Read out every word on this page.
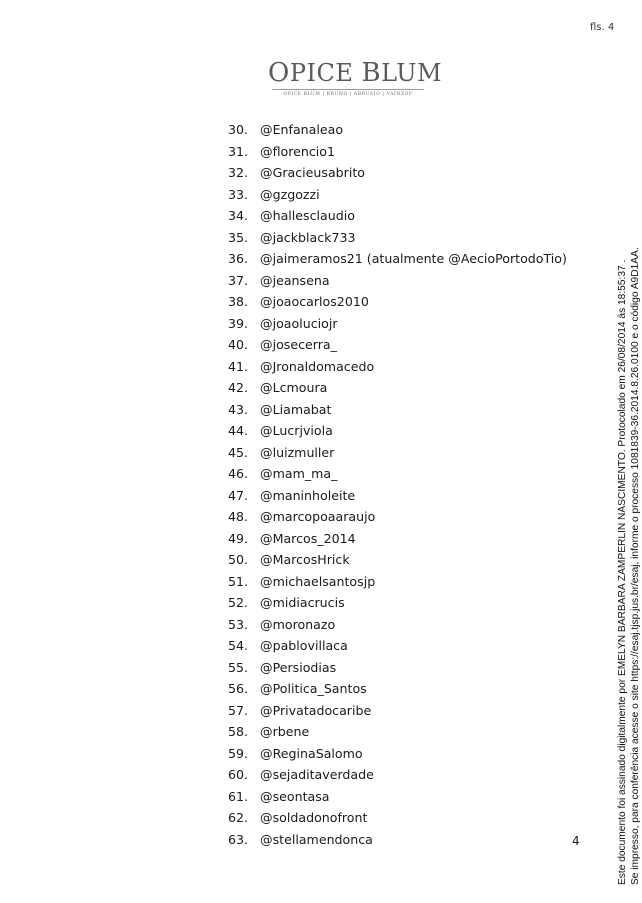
fls. 4
OPICE BLUM
OPICE BLUM | BRUNO | ABRUSIO | VAINZOF
30. @Enfanaleao
31. @florencio1
32. @Gracieusabrito
33. @gzgozzi
34. @hallesclaudio
35. @jackblack733
36. @jaimeramos21 (atualmente @AecioPortodoTio)
37. @jeansena
38. @joaocarlos2010
39. @joaoluciojr
40. @josecerra_
41. @Jronaldomacedo
42. @Lcmoura
43. @Liamabat
44. @Lucrjviola
45. @luizmuller
46. @mam_ma_
47. @maninholeite
48. @marcopoaaraujo
49. @Marcos_2014
50. @MarcosHrick
51. @michaelsantosjp
52. @midiacrucis
53. @moronazo
54. @pablovillaca
55. @Persiodias
56. @Politica_Santos
57. @Privatadocaribe
58. @rbene
59. @ReginaSalomo
60. @sejaditaverdade
61. @seontasa
62. @soldadonofront
63. @stellamendonca	4	Este documento foi assinado digitalmente por EMELYN BARBARA ZAMPERLIN NASCIMENTO. Protocolado em 26/08/2014 às 18:55:37 . Se impresso, para conferência acesse o site https://esaj.tjsp.jus.br/esaj, informe o processo 1081839-36.2014.8.26.0100 e o código A9D1AA.
